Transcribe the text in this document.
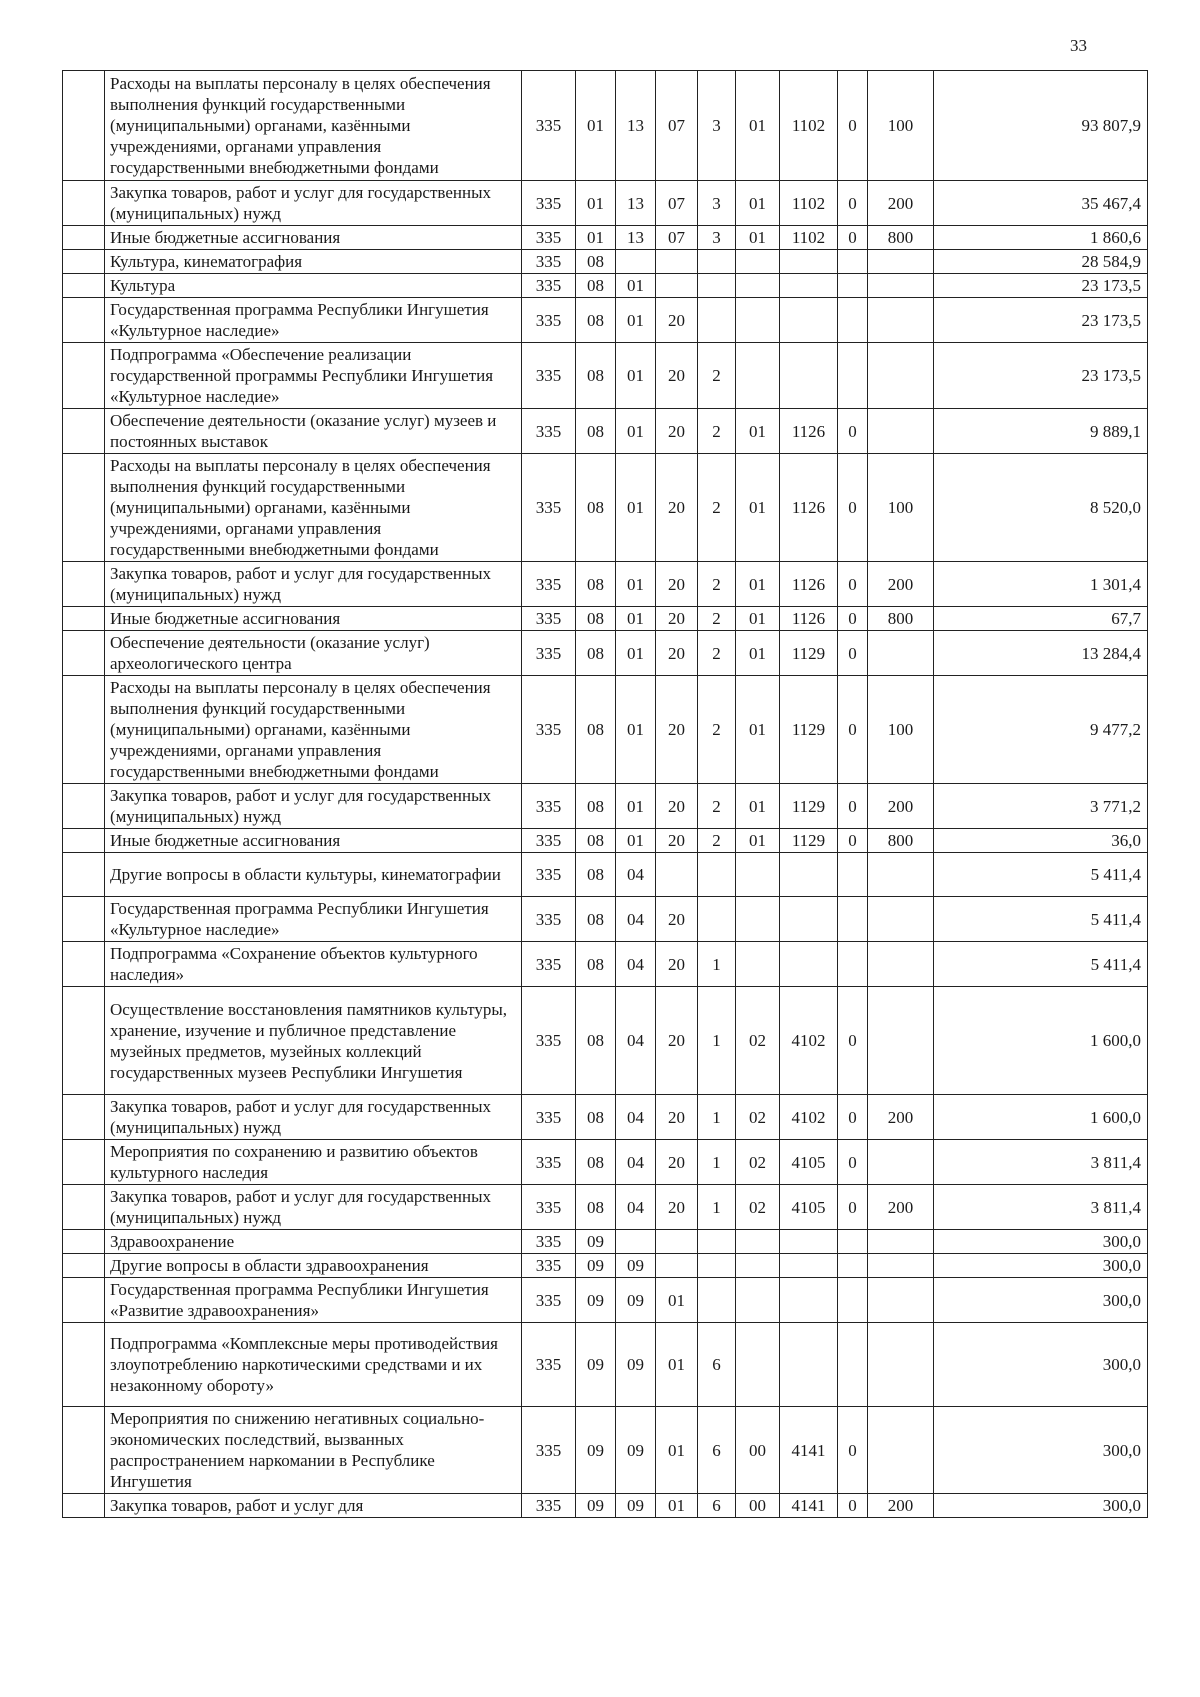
33
	Расходы на выплаты персоналу в целях обеспечения выполнения функций государственными (муниципальными) органами, казёнными учреждениями, органами управления государственными внебюджетными фондами	335	01	13	07	3	01	1102	0	100	93 807,9
	Закупка товаров, работ и услуг для государственных (муниципальных) нужд	335	01	13	07	3	01	1102	0	200	35 467,4
	Иные бюджетные ассигнования	335	01	13	07	3	01	1102	0	800	1 860,6
	Культура, кинематография	335	08								28 584,9
	Культура	335	08	01							23 173,5
	Государственная программа Республики Ингушетия «Культурное наследие»	335	08	01	20						23 173,5
	Подпрограмма «Обеспечение реализации государственной программы Республики Ингушетия «Культурное наследие»	335	08	01	20	2					23 173,5
	Обеспечение деятельности (оказание услуг) музеев и постоянных выставок	335	08	01	20	2	01	1126	0		9 889,1
	Расходы на выплаты персоналу в целях обеспечения выполнения функций государственными (муниципальными) органами, казёнными учреждениями, органами управления государственными внебюджетными фондами	335	08	01	20	2	01	1126	0	100	8 520,0
	Закупка товаров, работ и услуг для государственных (муниципальных) нужд	335	08	01	20	2	01	1126	0	200	1 301,4
	Иные бюджетные ассигнования	335	08	01	20	2	01	1126	0	800	67,7
	Обеспечение деятельности (оказание услуг) археологического центра	335	08	01	20	2	01	1129	0		13 284,4
	Расходы на выплаты персоналу в целях обеспечения выполнения функций государственными (муниципальными) органами, казёнными учреждениями, органами управления государственными внебюджетными фондами	335	08	01	20	2	01	1129	0	100	9 477,2
	Закупка товаров, работ и услуг для государственных (муниципальных) нужд	335	08	01	20	2	01	1129	0	200	3 771,2
	Иные бюджетные ассигнования	335	08	01	20	2	01	1129	0	800	36,0
	Другие вопросы в области культуры, кинематографии	335	08	04							5 411,4
	Государственная программа Республики Ингушетия «Культурное наследие»	335	08	04	20						5 411,4
	Подпрограмма «Сохранение объектов культурного наследия»	335	08	04	20	1					5 411,4
	Осуществление восстановления памятников культуры, хранение, изучение и публичное представление музейных предметов, музейных коллекций государственных музеев Республики Ингушетия	335	08	04	20	1	02	4102	0		1 600,0
	Закупка товаров, работ и услуг для государственных (муниципальных) нужд	335	08	04	20	1	02	4102	0	200	1 600,0
	Мероприятия по сохранению и развитию объектов культурного наследия	335	08	04	20	1	02	4105	0		3 811,4
	Закупка товаров, работ и услуг для государственных (муниципальных) нужд	335	08	04	20	1	02	4105	0	200	3 811,4
	Здравоохранение	335	09								300,0
	Другие вопросы в области здравоохранения	335	09	09							300,0
	Государственная программа Республики Ингушетия «Развитие здравоохранения»	335	09	09	01						300,0
	Подпрограмма «Комплексные меры противодействия злоупотреблению наркотическими средствами и их незаконному обороту»	335	09	09	01	6					300,0
	Мероприятия по снижению негативных социально-экономических последствий, вызванных распространением наркомании в Республике Ингушетия	335	09	09	01	6	00	4141	0		300,0
	Закупка товаров, работ и услуг для	335	09	09	01	6	00	4141	0	200	300,0
